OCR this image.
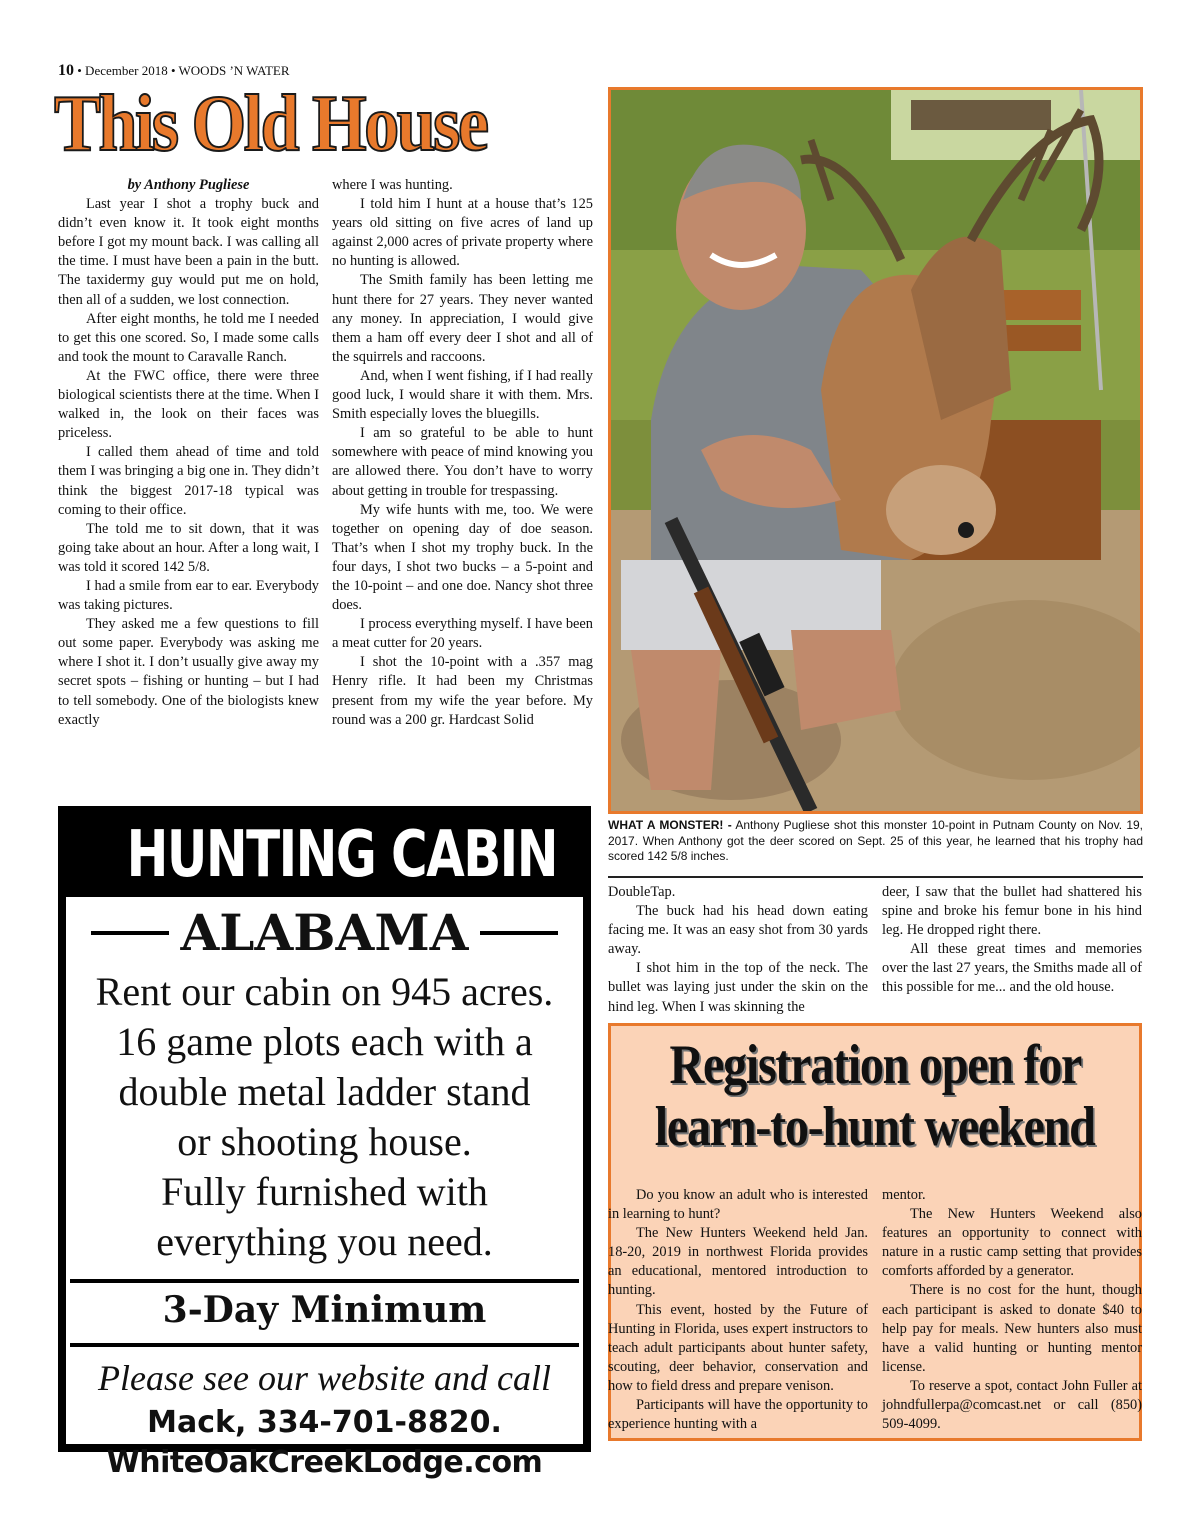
10 • December 2018 • WOODS ’N WATER
This Old House

by Anthony Pugliese

Last year I shot a trophy buck and didn’t even know it. It took eight months before I got my mount back. I was calling all the time. I must have been a pain in the butt. The taxidermy guy would put me on hold, then all of a sudden, we lost connection.

After eight months, he told me I needed to get this one scored. So, I made some calls and took the mount to Caravalle Ranch.

At the FWC office, there were three biological scientists there at the time. When I walked in, the look on their faces was priceless.

I called them ahead of time and told them I was bringing a big one in. They didn’t think the biggest 2017-18 typical was coming to their office.

The told me to sit down, that it was going take about an hour. After a long wait, I was told it scored 142 5/8.

I had a smile from ear to ear. Everybody was taking pictures.

They asked me a few questions to fill out some paper. Everybody was asking me where I shot it. I don’t usually give away my secret spots – fishing or hunting – but I had to tell somebody. One of the biologists knew exactly

where I was hunting.

I told him I hunt at a house that’s 125 years old sitting on five acres of land up against 2,000 acres of private property where no hunting is allowed.

The Smith family has been letting me hunt there for 27 years. They never wanted any money. In appreciation, I would give them a ham off every deer I shot and all of the squirrels and raccoons.

And, when I went fishing, if I had really good luck, I would share it with them. Mrs. Smith especially loves the bluegills.

I am so grateful to be able to hunt somewhere with peace of mind knowing you are allowed there. You don’t have to worry about getting in trouble for trespassing.

My wife hunts with me, too. We were together on opening day of doe season. That’s when I shot my trophy buck. In the four days, I shot two bucks – a 5-point and the 10-point – and one doe. Nancy shot three does.

I process everything myself. I have been a meat cutter for 20 years.

I shot the 10-point with a .357 mag Henry rifle. It had been my Christmas present from my wife the year before. My round was a 200 gr. Hardcast Solid

WHAT A MONSTER! - Anthony Pugliese shot this monster 10-point in Putnam County on Nov. 19, 2017. When Anthony got the deer scored on Sept. 25 of this year, he learned that his trophy had scored 142 5/8 inches.

DoubleTap.

The buck had his head down eating facing me. It was an easy shot from 30 yards away.

I shot him in the top of the neck. The bullet was laying just under the skin on the hind leg. When I was skinning the

deer, I saw that the bullet had shattered his spine and broke his femur bone in his hind leg. He dropped right there.

All these great times and memories over the last 27 years, the Smiths made all of this possible for me... and the old house.

HUNTING CABIN
ALABAMA
Rent our cabin on 945 acres.
16 game plots each with a
double metal ladder stand
or shooting house.
Fully furnished with
everything you need.
3-Day Minimum
Please see our website and call
Mack, 334-701-8820.
WhiteOakCreekLodge.com
Registration open for
learn-to-hunt weekend

Do you know an adult who is interested in learning to hunt?

The New Hunters Weekend held Jan. 18-20, 2019 in northwest Florida provides an educational, mentored introduction to hunting.

This event, hosted by the Future of Hunting in Florida, uses expert instructors to teach adult participants about hunter safety, scouting, deer behavior, conservation and how to field dress and prepare venison.

Participants will have the opportunity to experience hunting with a

mentor.

The New Hunters Weekend also features an opportunity to connect with nature in a rustic camp setting that provides comforts afforded by a generator.

There is no cost for the hunt, though each participant is asked to donate $40 to help pay for meals. New hunters also must have a valid hunting or hunting mentor license.

To reserve a spot, contact John Fuller at johndfullerpa@comcast.net or call (850) 509-4099.
